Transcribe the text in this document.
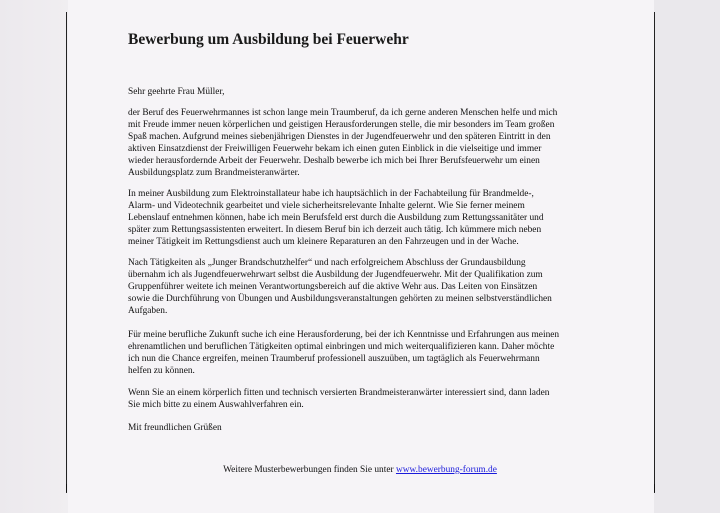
Bewerbung um Ausbildung bei Feuerwehr
Sehr geehrte Frau Müller,

der Beruf des Feuerwehrmannes ist schon lange mein Traumberuf, da ich gerne anderen Menschen helfe und mich
mit Freude immer neuen körperlichen und geistigen Herausforderungen stelle, die mir besonders im Team großen
Spaß machen. Aufgrund meines siebenjährigen Dienstes in der Jugendfeuerwehr und den späteren Eintritt in den
aktiven Einsatzdienst der Freiwilligen Feuerwehr bekam ich einen guten Einblick in die vielseitige und immer
wieder herausfordernde Arbeit der Feuerwehr. Deshalb bewerbe ich mich bei Ihrer Berufsfeuerwehr um einen
Ausbildungsplatz zum Brandmeisteranwärter.

In meiner Ausbildung zum Elektroinstallateur habe ich hauptsächlich in der Fachabteilung für Brandmelde-,
Alarm- und Videotechnik gearbeitet und viele sicherheitsrelevante Inhalte gelernt. Wie Sie ferner meinem
Lebenslauf entnehmen können, habe ich mein Berufsfeld erst durch die Ausbildung zum Rettungssanitäter und
später zum Rettungsassistenten erweitert. In diesem Beruf bin ich derzeit auch tätig. Ich kümmere mich neben
meiner Tätigkeit im Rettungsdienst auch um kleinere Reparaturen an den Fahrzeugen und in der Wache.

Nach Tätigkeiten als „Junger Brandschutzhelfer“ und nach erfolgreichem Abschluss der Grundausbildung
übernahm ich als Jugendfeuerwehrwart selbst die Ausbildung der Jugendfeuerwehr. Mit der Qualifikation zum
Gruppenführer weitete ich meinen Verantwortungsbereich auf die aktive Wehr aus. Das Leiten von Einsätzen
sowie die Durchführung von Übungen und Ausbildungsveranstaltungen gehörten zu meinen selbstverständlichen
Aufgaben.

Für meine berufliche Zukunft suche ich eine Herausforderung, bei der ich Kenntnisse und Erfahrungen aus meinen
ehrenamtlichen und beruflichen Tätigkeiten optimal einbringen und mich weiterqualifizieren kann. Daher möchte
ich nun die Chance ergreifen, meinen Traumberuf professionell auszuüben, um tagtäglich als Feuerwehrmann
helfen zu können.

Wenn Sie an einem körperlich fitten und technisch versierten Brandmeisteranwärter interessiert sind, dann laden
Sie mich bitte zu einem Auswahlverfahren ein.

Mit freundlichen Grüßen
Weitere Musterbewerbungen finden Sie unter www.bewerbung-forum.de
